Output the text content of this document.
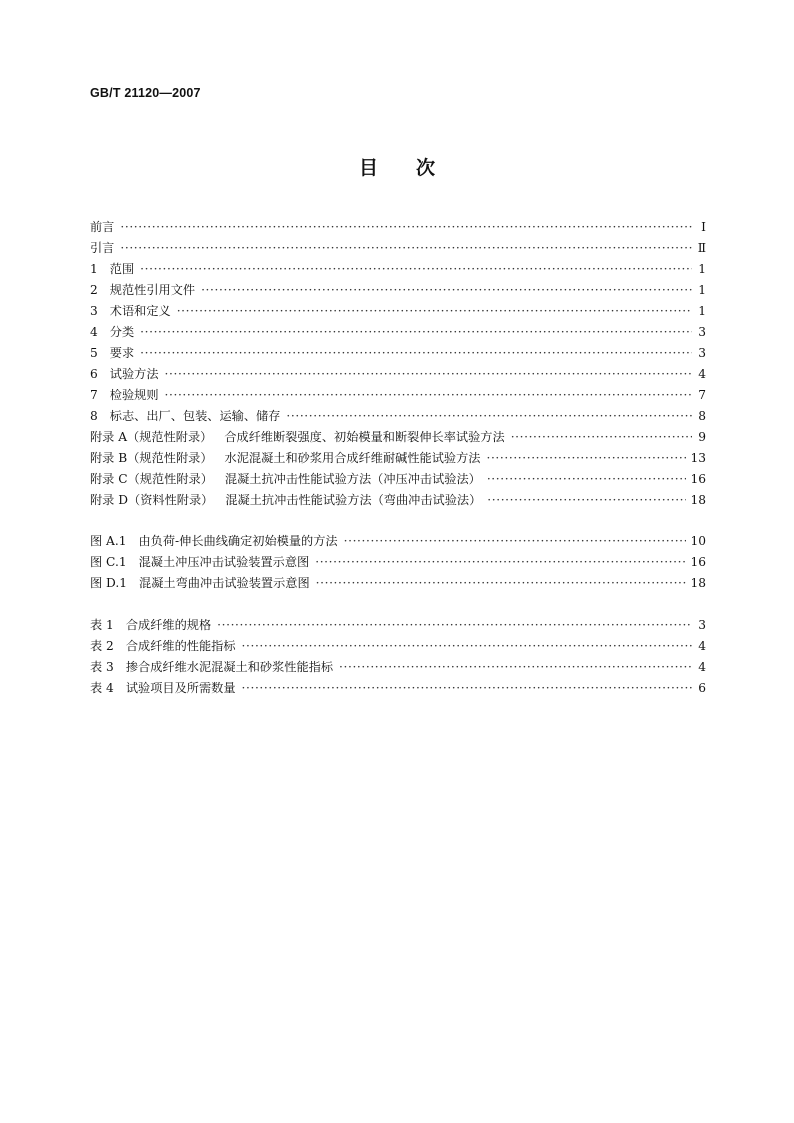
GB/T 21120—2007
目次
前言 ·····	Ⅰ
引言 ·····	Ⅱ
1 范围 ·····	1
2 规范性引用文件 ·····	1
3 术语和定义 ·····	1
4 分类 ·····	3
5 要求 ·····	3
6 试验方法 ·····	4
7 检验规则 ·····	7
8 标志、出厂、包装、运输、储存 ·····	8
附录 A（规范性附录） 合成纤维断裂强度、初始模量和断裂伸长率试验方法 ·····	9
附录 B（规范性附录） 水泥混凝土和砂浆用合成纤维耐碱性能试验方法 ·····	13
附录 C（规范性附录） 混凝土抗冲击性能试验方法（冲压冲击试验法） ·····	16
附录 D（资料性附录） 混凝土抗冲击性能试验方法（弯曲冲击试验法） ·····	18
图 A.1 由负荷-伸长曲线确定初始模量的方法 ·····	10
图 C.1 混凝土冲压冲击试验装置示意图 ·····	16
图 D.1 混凝土弯曲冲击试验装置示意图 ·····	18
表 1 合成纤维的规格 ·····	3
表 2 合成纤维的性能指标 ·····	4
表 3 掺合成纤维水泥混凝土和砂浆性能指标 ·····	4
表 4 试验项目及所需数量 ·····	6
